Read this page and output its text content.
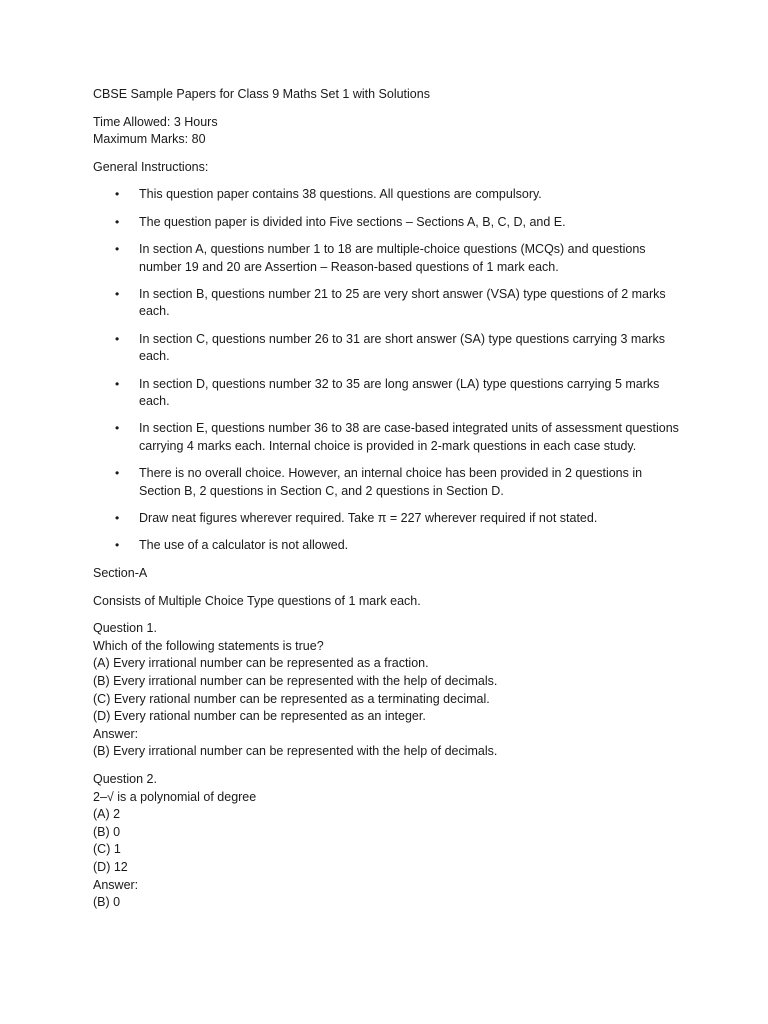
CBSE Sample Papers for Class 9 Maths Set 1 with Solutions

Time Allowed: 3 Hours
Maximum Marks: 80

General Instructions:

• This question paper contains 38 questions. All questions are compulsory.
• The question paper is divided into Five sections – Sections A, B, C, D, and E.
• In section A, questions number 1 to 18 are multiple-choice questions (MCQs) and questions number 19 and 20 are Assertion – Reason-based questions of 1 mark each.
• In section B, questions number 21 to 25 are very short answer (VSA) type questions of 2 marks each.
• In section C, questions number 26 to 31 are short answer (SA) type questions carrying 3 marks each.
• In section D, questions number 32 to 35 are long answer (LA) type questions carrying 5 marks each.
• In section E, questions number 36 to 38 are case-based integrated units of assessment questions carrying 4 marks each. Internal choice is provided in 2-mark questions in each case study.
• There is no overall choice. However, an internal choice has been provided in 2 questions in Section B, 2 questions in Section C, and 2 questions in Section D.
• Draw neat figures wherever required. Take π = 227 wherever required if not stated.
• The use of a calculator is not allowed.

Section-A

Consists of Multiple Choice Type questions of 1 mark each.

Question 1.
Which of the following statements is true?
(A) Every irrational number can be represented as a fraction.
(B) Every irrational number can be represented with the help of decimals.
(C) Every rational number can be represented as a terminating decimal.
(D) Every rational number can be represented as an integer.
Answer:
(B) Every irrational number can be represented with the help of decimals.

Question 2.
2–√ is a polynomial of degree
(A) 2
(B) 0
(C) 1
(D) 12
Answer:
(B) 0
